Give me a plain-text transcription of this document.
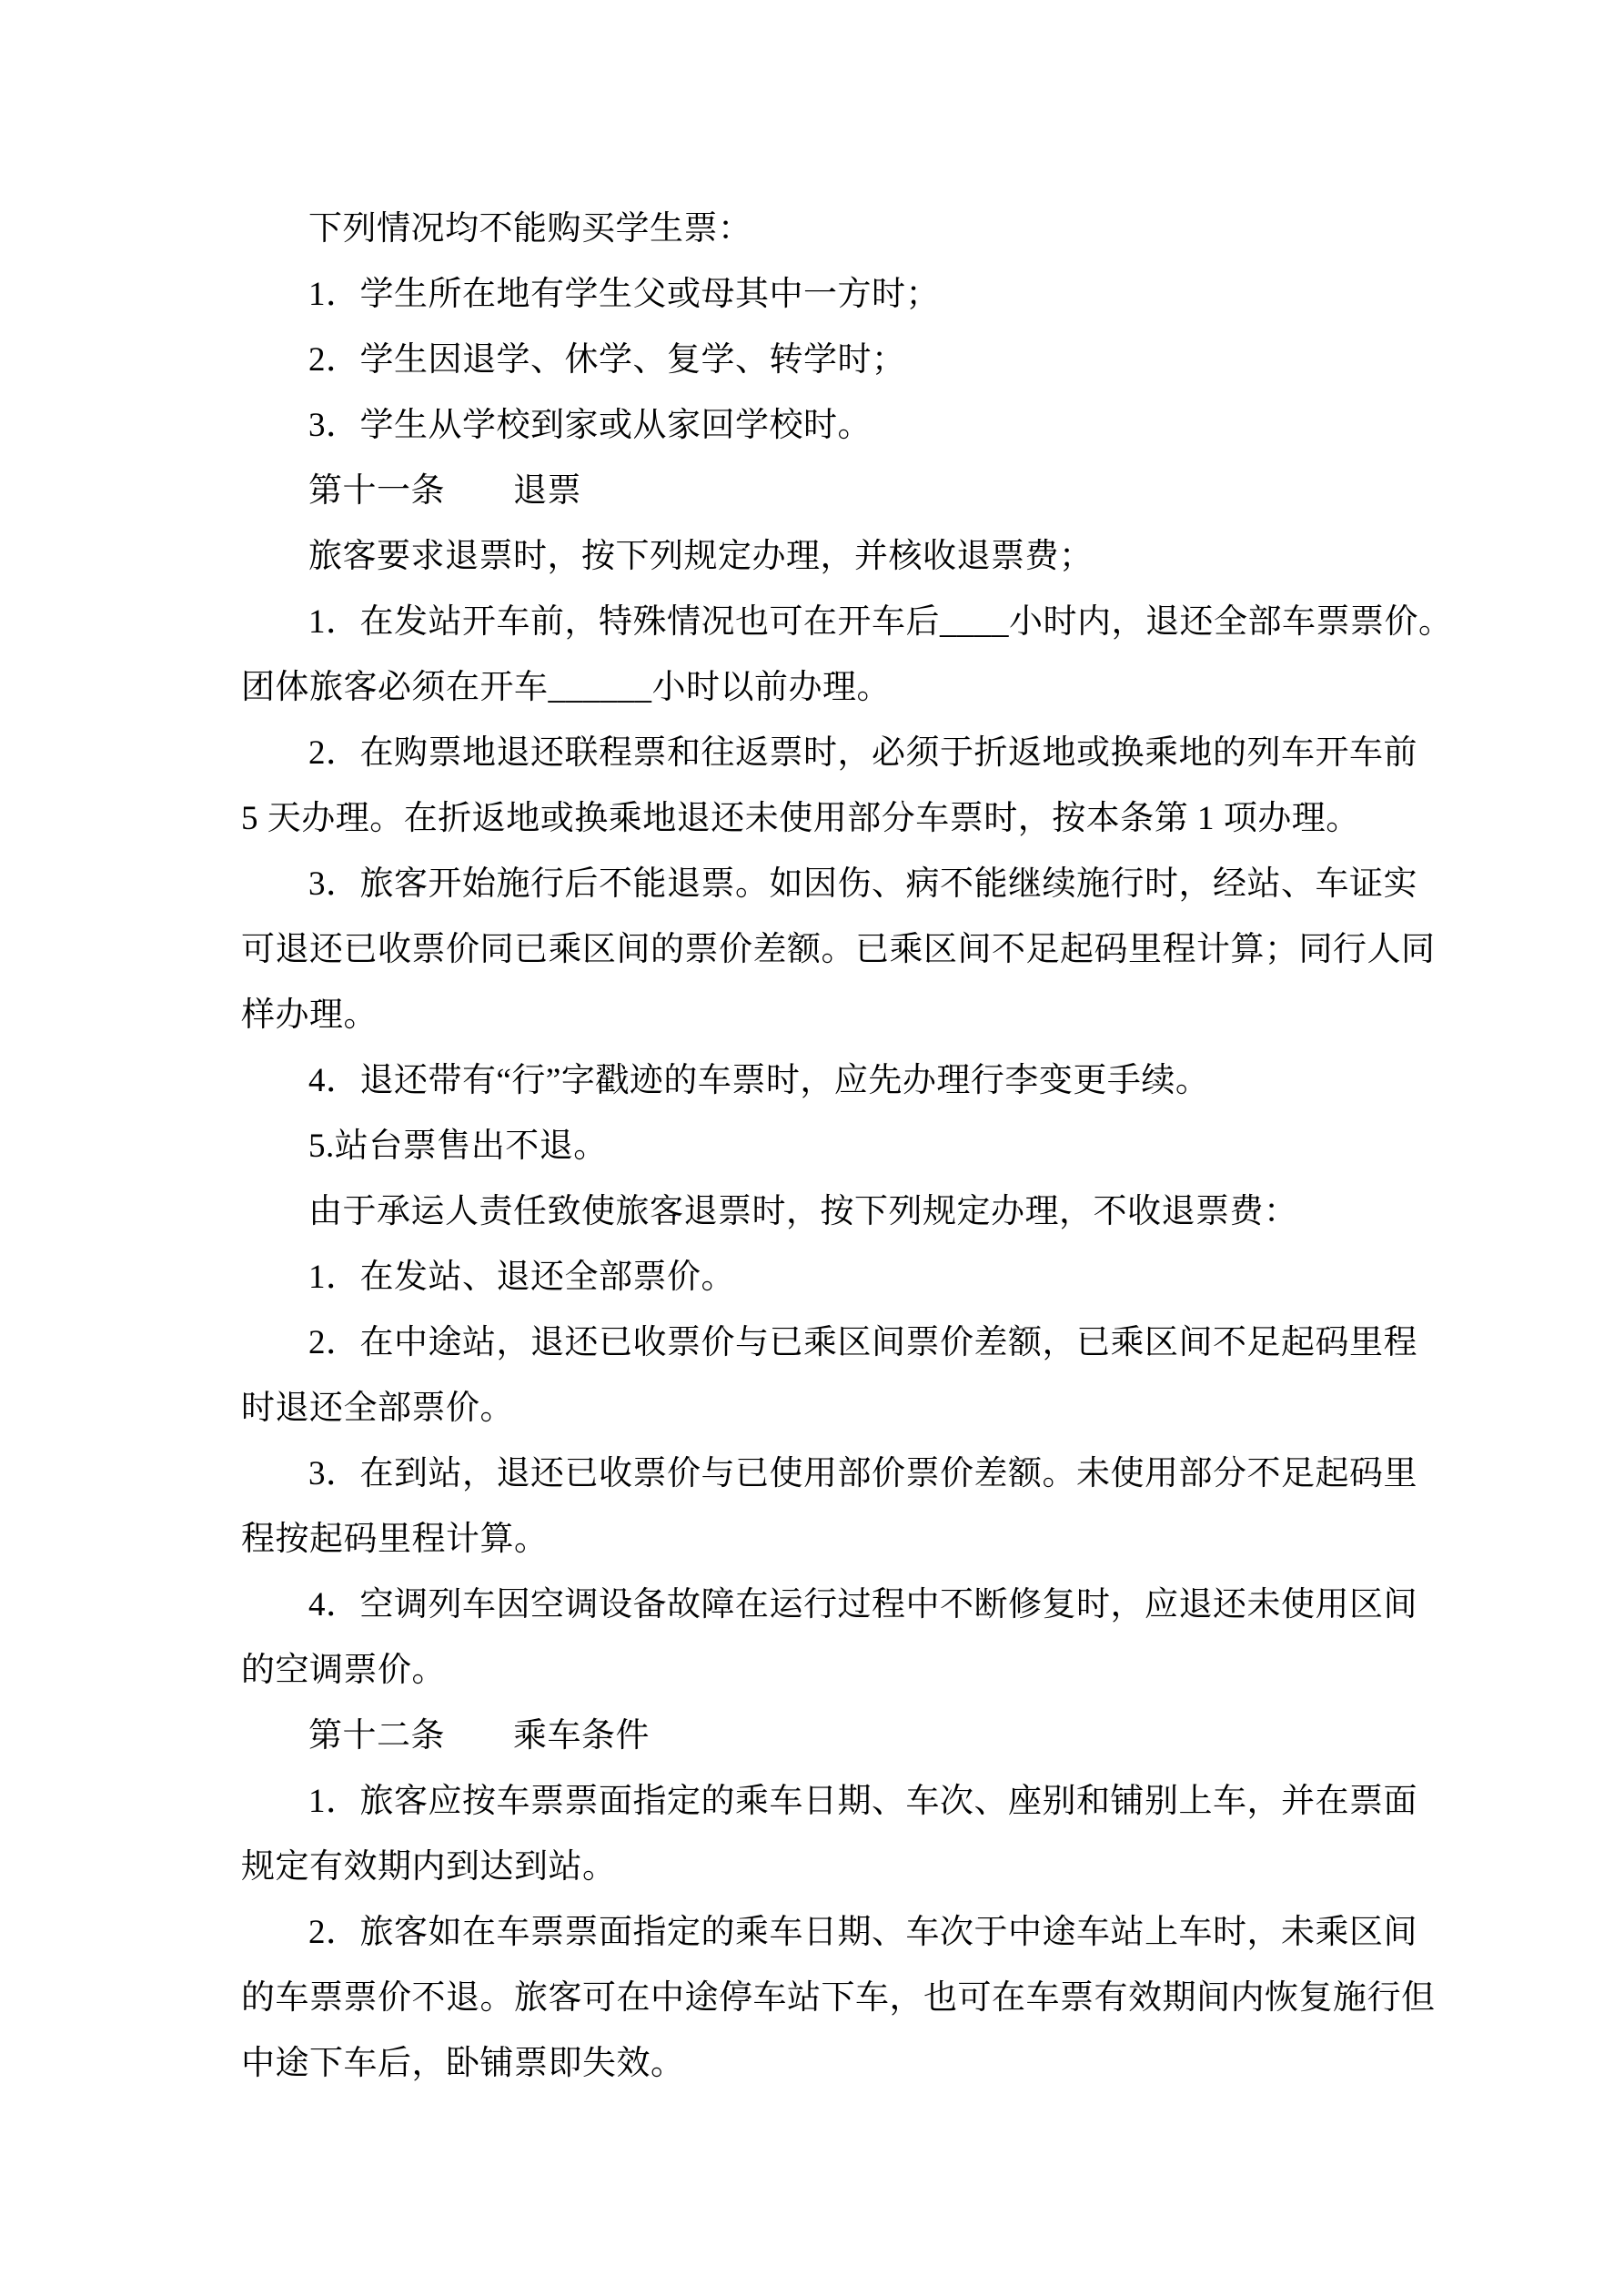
下列情况均不能购买学生票：
1．学生所在地有学生父或母其中一方时；
2．学生因退学、休学、复学、转学时；
3．学生从学校到家或从家回学校时。
第十一条　　退票
旅客要求退票时，按下列规定办理，并核收退票费；
1．在发站开车前，特殊情况也可在开车后____小时内，退还全部车票票价。
团体旅客必须在开车______小时以前办理。
2．在购票地退还联程票和往返票时，必须于折返地或换乘地的列车开车前
5 天办理。在折返地或换乘地退还未使用部分车票时，按本条第 1 项办理。
3．旅客开始施行后不能退票。如因伤、病不能继续施行时，经站、车证实
可退还已收票价同已乘区间的票价差额。已乘区间不足起码里程计算；同行人同
样办理。
4．退还带有“行”字戳迹的车票时，应先办理行李变更手续。
5.站台票售出不退。
由于承运人责任致使旅客退票时，按下列规定办理，不收退票费：
1．在发站、退还全部票价。
2．在中途站，退还已收票价与已乘区间票价差额，已乘区间不足起码里程
时退还全部票价。
3．在到站，退还已收票价与已使用部价票价差额。未使用部分不足起码里
程按起码里程计算。
4．空调列车因空调设备故障在运行过程中不断修复时，应退还未使用区间
的空调票价。
第十二条　　乘车条件
1．旅客应按车票票面指定的乘车日期、车次、座别和铺别上车，并在票面
规定有效期内到达到站。
2．旅客如在车票票面指定的乘车日期、车次于中途车站上车时，未乘区间
的车票票价不退。旅客可在中途停车站下车，也可在车票有效期间内恢复施行但
中途下车后，卧铺票即失效。
